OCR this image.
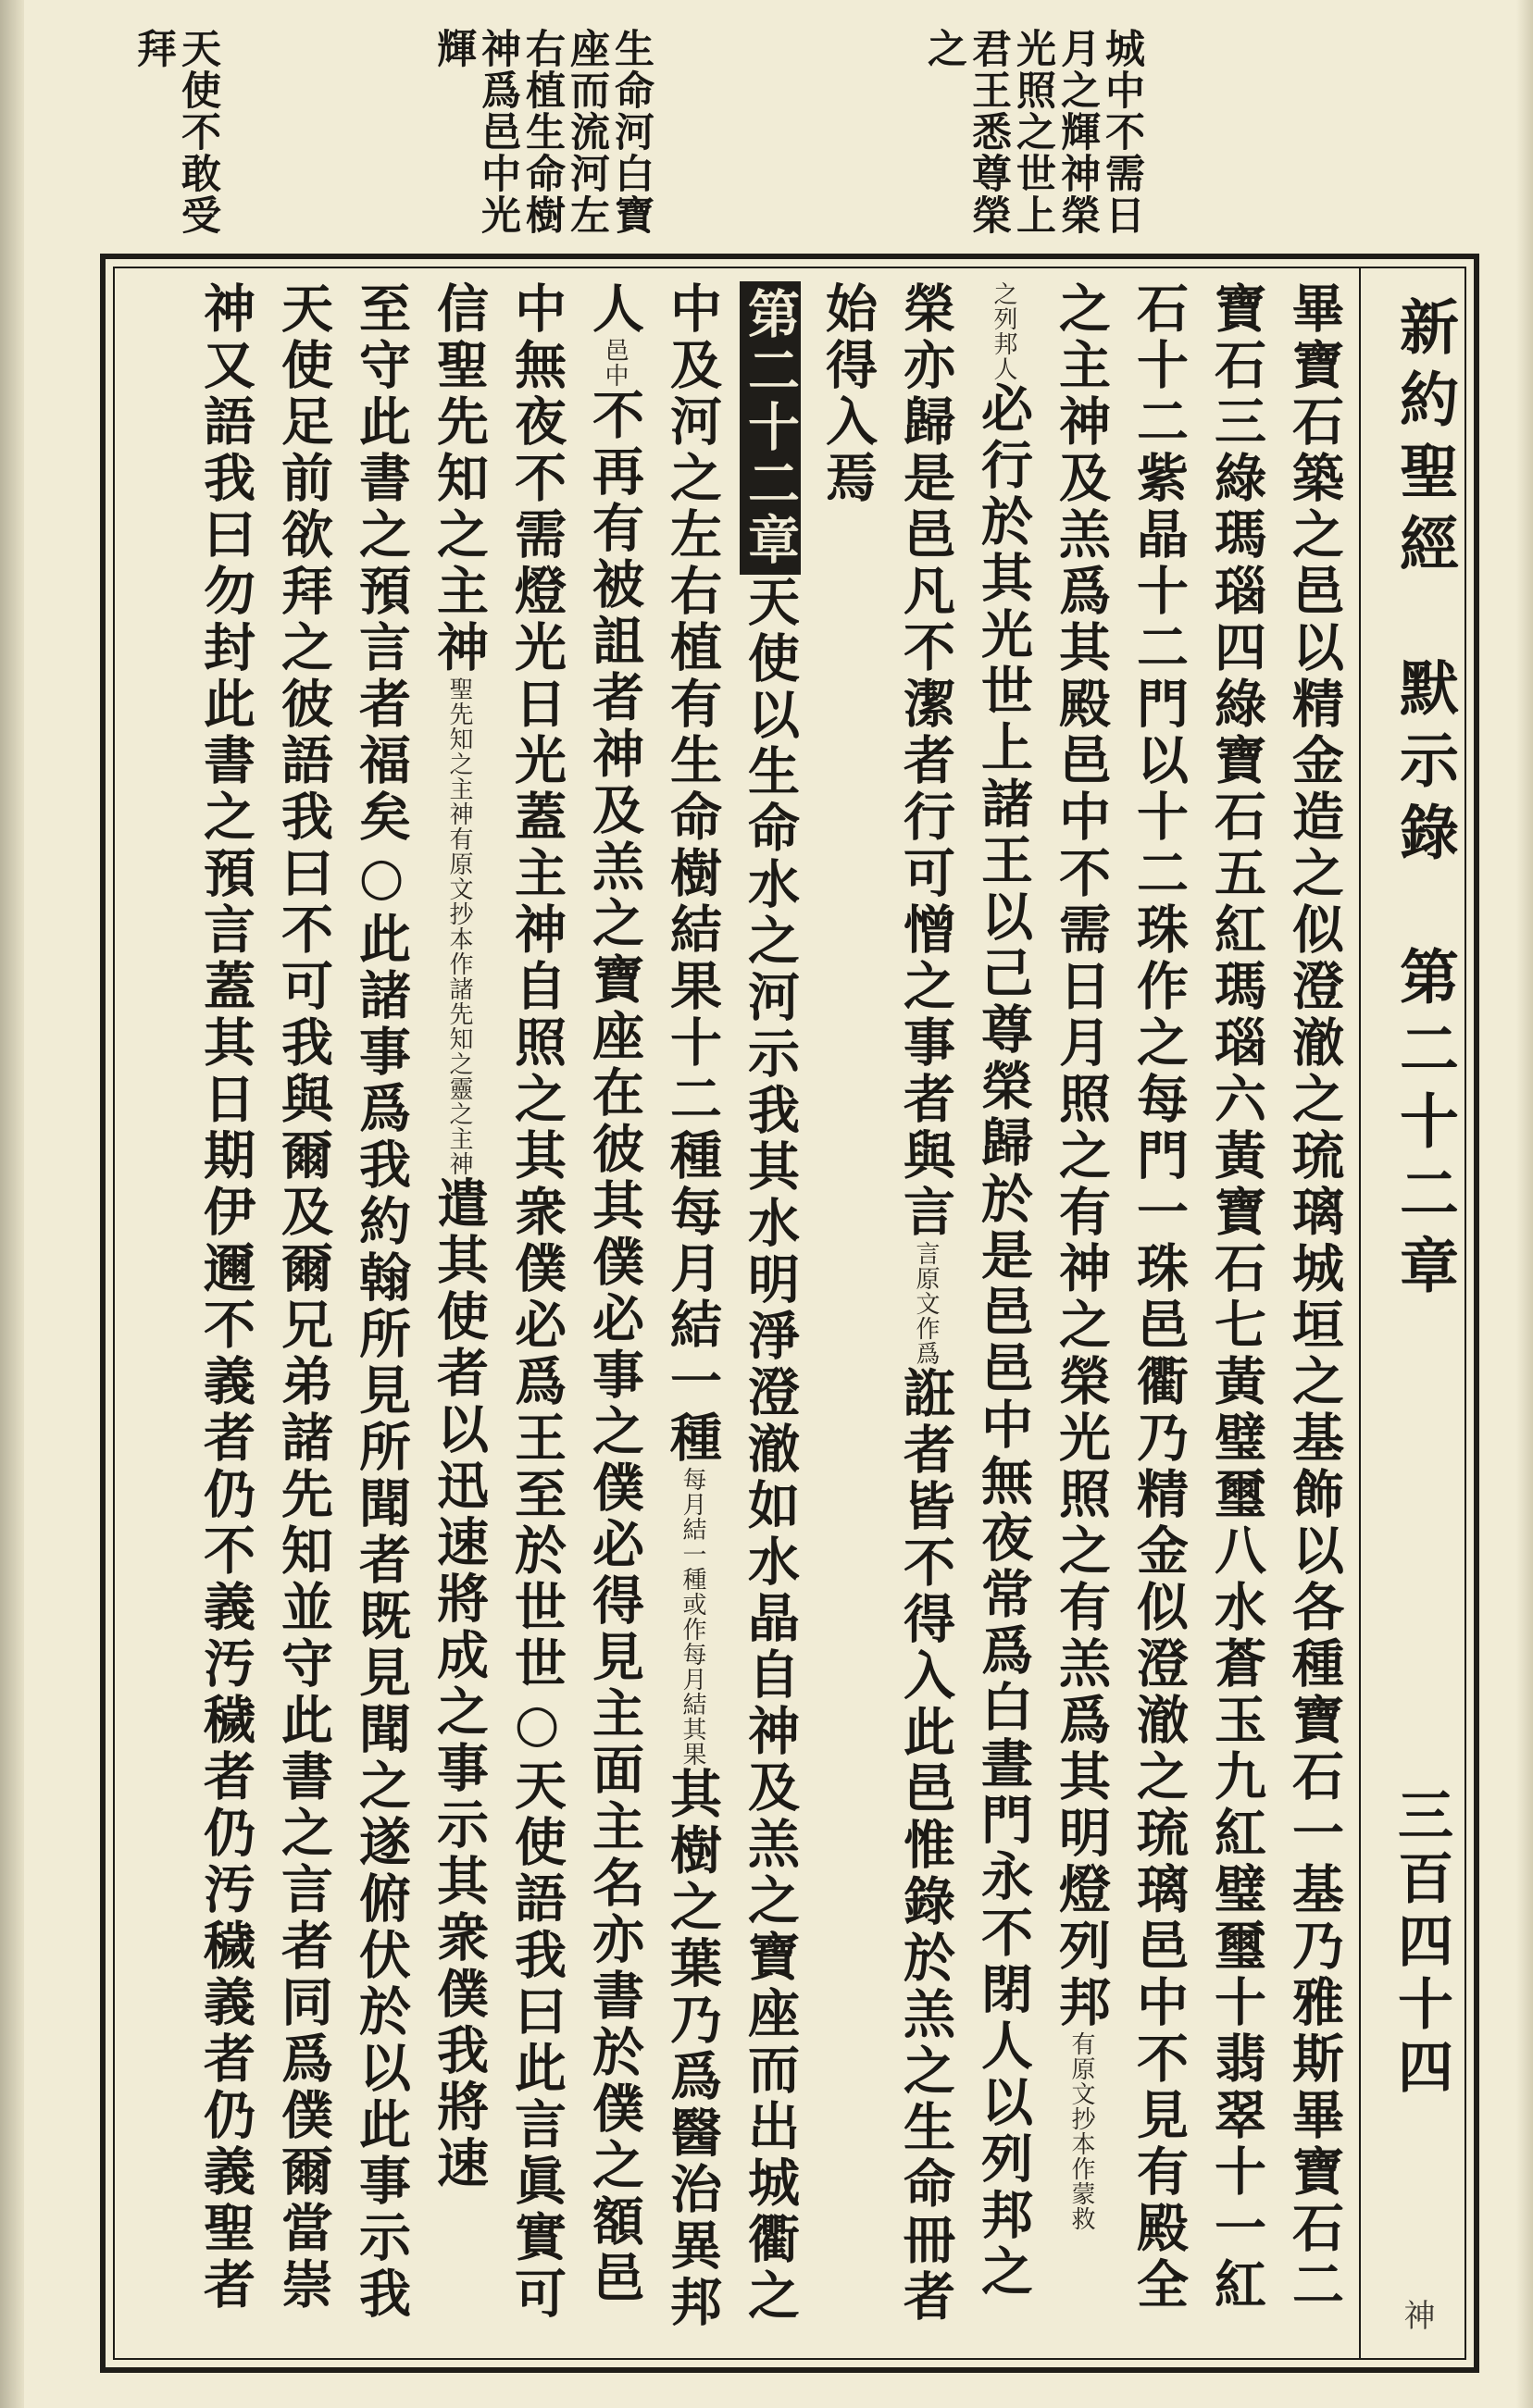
城中不需日月之輝神榮光照之世上君王悉尊榮之
生命河白寶座而流河左右植生命樹神爲邑中光輝
天使不敢受拜
新約聖經　默示錄　第二十二章
三百四十四
神
畢寶石築之邑以精金造之似澄澈之琉璃城垣之基飾以各種寶石一基乃雅斯畢寶石二
寶石三綠瑪瑙四綠寶石五紅瑪瑙六黃寶石七黃璧璽八水蒼玉九紅璧璽十翡翠十一紅
石十二紫晶十二門以十二珠作之每門一珠邑衢乃精金似澄澈之琉璃邑中不見有殿全
之主神及羔爲其殿邑中不需日月照之有神之榮光照之有羔爲其明燈列邦有原文抄本作蒙救
之列邦人必行於其光世上諸王以己尊榮歸於是邑邑中無夜常爲白晝門永不閉人以列邦之
榮亦歸是邑凡不潔者行可憎之事者與言言原文作爲誑者皆不得入此邑惟錄於羔之生命冊者
始得入焉
第二十二章天使以生命水之河示我其水明淨澄澈如水晶自神及羔之寶座而出城衢之
中及河之左右植有生命樹結果十二種每月結一種每月結一種或作每月結其果其樹之葉乃爲醫治異邦
人邑中不再有被詛者神及羔之寶座在彼其僕必事之僕必得見主面主名亦書於僕之額邑
中無夜不需燈光日光蓋主神自照之其衆僕必爲王至於世世○天使語我曰此言眞實可
信聖先知之主神聖先知之主神有原文抄本作諸先知之靈之主神遣其使者以迅速將成之事示其衆僕我將速
至守此書之預言者福矣○此諸事爲我約翰所見所聞者既見聞之遂俯伏於以此事示我
天使足前欲拜之彼語我曰不可我與爾及爾兄弟諸先知並守此書之言者同爲僕爾當崇
神又語我曰勿封此書之預言蓋其日期伊邇不義者仍不義汚穢者仍汚穢義者仍義聖者
